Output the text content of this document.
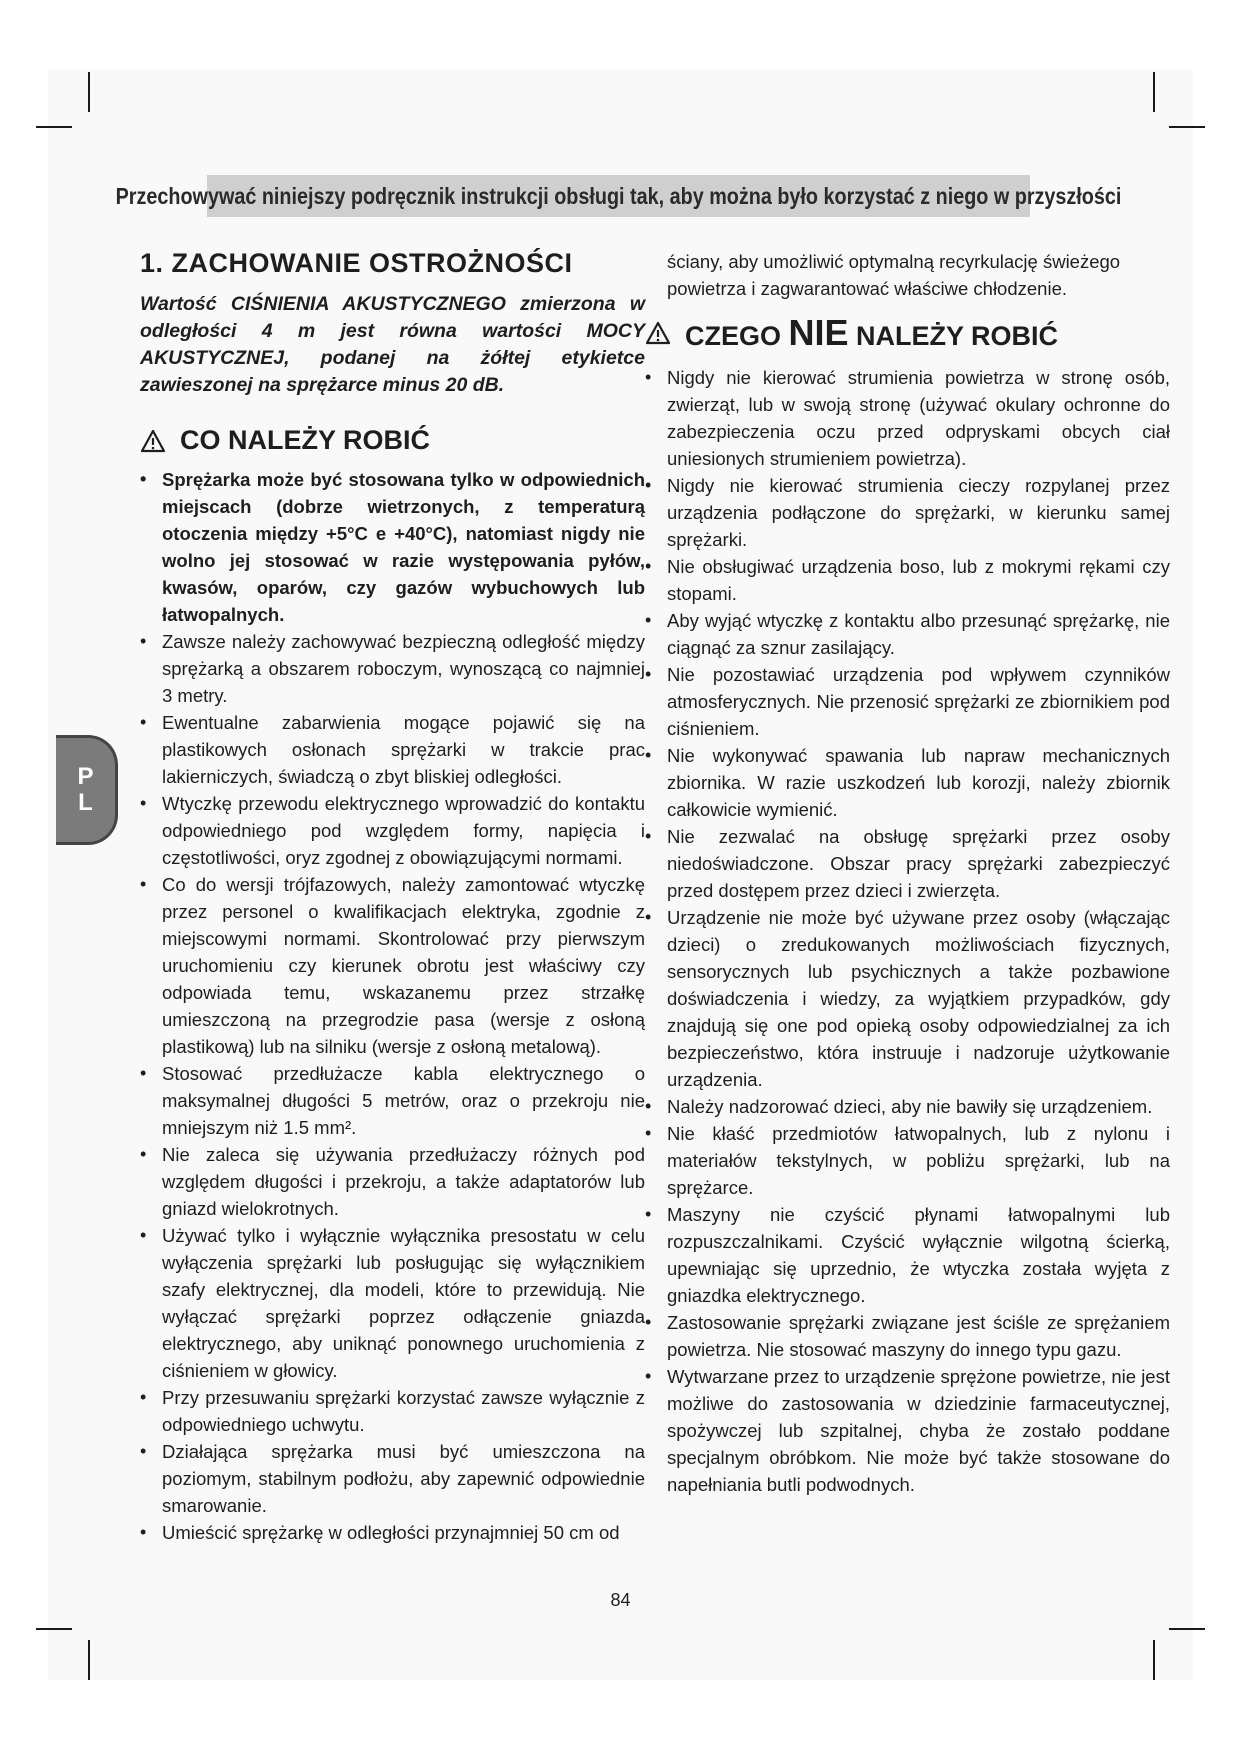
Przechowywać niniejszy podręcznik instrukcji obsługi tak, aby można było korzystać z niego w przyszłości
P
L
1. ZACHOWANIE OSTROŻNOŚCI

Wartość CIŚNIENIA AKUSTYCZNEGO zmierzona w odległości 4 m jest równa wartości MOCY AKUSTYCZNEJ, podanej na żółtej etykietce zawieszonej na sprężarce minus 20 dB.

CO NALEŻY ROBIĆ
• Sprężarka może być stosowana tylko w odpowiednich miejscach (dobrze wietrzonych, z temperaturą otoczenia między +5°C e +40°C), natomiast nigdy nie wolno jej stosować w razie występowania pyłów, kwasów, oparów, czy gazów wybuchowych lub łatwopalnych.
• Zawsze należy zachowywać bezpieczną odległość między sprężarką a obszarem roboczym, wynoszącą co najmniej 3 metry.
• Ewentualne zabarwienia mogące pojawić się na plastikowych osłonach sprężarki w trakcie prac lakierniczych, świadczą o zbyt bliskiej odległości.
• Wtyczkę przewodu elektrycznego wprowadzić do kontaktu odpowiedniego pod względem formy, napięcia i częstotliwości, oryz zgodnej z obowiązującymi normami.
• Co do wersji trójfazowych, należy zamontować wtyczkę przez personel o kwalifikacjach elektryka, zgodnie z miejscowymi normami. Skontrolować przy pierwszym uruchomieniu czy kierunek obrotu jest właściwy czy odpowiada temu, wskazanemu przez strzałkę umieszczoną na przegrodzie pasa (wersje z osłoną plastikową) lub na silniku (wersje z osłoną metalową).
• Stosować przedłużacze kabla elektrycznego o maksymalnej długości 5 metrów, oraz o przekroju nie mniejszym niż 1.5 mm².
• Nie zaleca się używania przedłużaczy różnych pod względem długości i przekroju, a także adaptatorów lub gniazd wielokrotnych.
• Używać tylko i wyłącznie wyłącznika presostatu w celu wyłączenia sprężarki lub posługując się wyłącznikiem szafy elektrycznej, dla modeli, które to przewidują. Nie wyłączać sprężarki poprzez odłączenie gniazda elektrycznego, aby uniknąć ponownego uruchomienia z ciśnieniem w głowicy.
• Przy przesuwaniu sprężarki korzystać zawsze wyłącznie z odpowiedniego uchwytu.
• Działająca sprężarka musi być umieszczona na poziomym, stabilnym podłożu, aby zapewnić odpowiednie smarowanie.
• Umieścić sprężarkę w odległości przynajmniej 50 cm od

ściany, aby umożliwić optymalną recyrkulację świeżego powietrza i zagwarantować właściwe chłodzenie.

CZEGO NIE NALEŻY ROBIĆ
• Nigdy nie kierować strumienia powietrza w stronę osób, zwierząt, lub w swoją stronę (używać okulary ochronne do zabezpieczenia oczu przed odpryskami obcych ciał uniesionych strumieniem powietrza).
• Nigdy nie kierować strumienia cieczy rozpylanej przez urządzenia podłączone do sprężarki, w kierunku samej sprężarki.
• Nie obsługiwać urządzenia boso, lub z mokrymi rękami czy stopami.
• Aby wyjąć wtyczkę z kontaktu albo przesunąć sprężarkę, nie ciągnąć za sznur zasilający.
• Nie pozostawiać urządzenia pod wpływem czynników atmosferycznych. Nie przenosić sprężarki ze zbiornikiem pod ciśnieniem.
• Nie wykonywać spawania lub napraw mechanicznych zbiornika. W razie uszkodzeń lub korozji, należy zbiornik całkowicie wymienić.
• Nie zezwalać na obsługę sprężarki przez osoby niedoświadczone. Obszar pracy sprężarki zabezpieczyć przed dostępem przez dzieci i zwierzęta.
• Urządzenie nie może być używane przez osoby (włączając dzieci) o zredukowanych możliwościach fizycznych, sensorycznych lub psychicznych a także pozbawione doświadczenia i wiedzy, za wyjątkiem przypadków, gdy znajdują się one pod opieką osoby odpowiedzialnej za ich bezpieczeństwo, która instruuje i nadzoruje użytkowanie urządzenia.
• Należy nadzorować dzieci, aby nie bawiły się urządzeniem.
• Nie kłaść przedmiotów łatwopalnych, lub z nylonu i materiałów tekstylnych, w pobliżu sprężarki, lub na sprężarce.
• Maszyny nie czyścić płynami łatwopalnymi lub rozpuszczalnikami. Czyścić wyłącznie wilgotną ścierką, upewniając się uprzednio, że wtyczka została wyjęta z gniazdka elektrycznego.
• Zastosowanie sprężarki związane jest ściśle ze sprężaniem powietrza. Nie stosować maszyny do innego typu gazu.
• Wytwarzane przez to urządzenie sprężone powietrze, nie jest możliwe do zastosowania w dziedzinie farmaceutycznej, spożywczej lub szpitalnej, chyba że zostało poddane specjalnym obróbkom. Nie może być także stosowane do napełniania butli podwodnych.
84
